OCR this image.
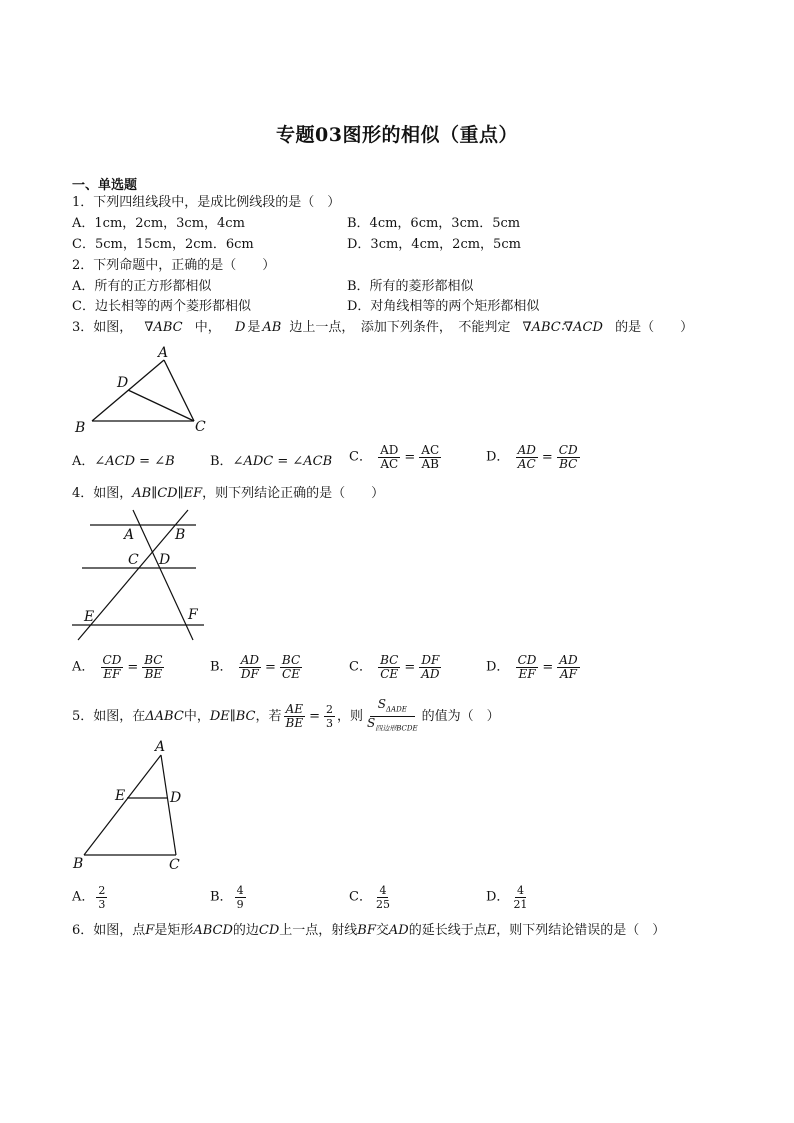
专题03图形的相似（重点）
一、单选题
1．下列四组线段中，是成比例线段的是（　）
A．1cm，2cm，3cm，4cm	B．4cm，6cm，3cm．5cm
C．5cm，15cm，2cm．6cm	D．3cm，4cm，2cm，5cm
2．下列命题中，正确的是（　　）
A．所有的正方形都相似	B．所有的菱形都相似
C．边长相等的两个菱形都相似	D．对角线相等的两个矩形都相似
3．如图， ∇ABC 中， D 是 AB 边上一点，　添加下列条件，　不能判定 ∇ABC∶∇ACD 的是（　　）
A
D
B	C
A．∠ACD = ∠B	B．∠ADC = ∠ACB C． $\frac{AD}{AC} = \frac{AC}{AB}$	D． $\frac{AD}{AC} = \frac{CD}{BC}$
4．如图，AB∥CD∥EF，则下列结论正确的是（　　）
A	B
C D
E	F
A． $\frac{CD}{EF} = \frac{BC}{BE}$	B． $\frac{AD}{DF} = \frac{BC}{CE}$	C． $\frac{BC}{CE} = \frac{DF}{AD}$	D． $\frac{CD}{EF} = \frac{AD}{AF}$
5．如图，在ΔABC中，DE∥BC，若 $\frac{AE}{BE} = \frac{2}{3}$ ，则 $\frac{S_{\Delta ADE}}{S_{四边形BCDE}}$ 的值为（　）
A
E	D
B	C
A． $\frac{2}{3}$	B． $\frac{4}{9}$	C． $\frac{4}{25}$	D． $\frac{4}{21}$
6．如图，点F是矩形ABCD的边CD上一点，射线BF交AD的延长线于点E，则下列结论错误的是（　）
